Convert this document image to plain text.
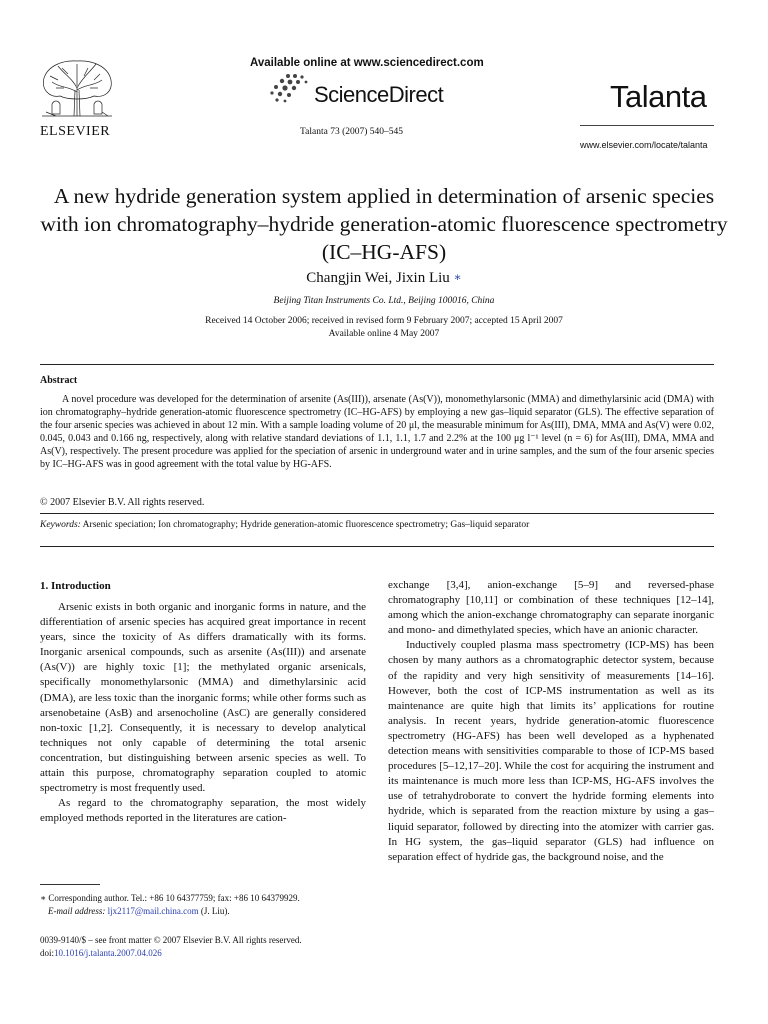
ELSEVIER
Available online at www.sciencedirect.com
ScienceDirect
Talanta 73 (2007) 540–545
Talanta
www.elsevier.com/locate/talanta
A new hydride generation system applied in determination of arsenic species with ion chromatography–hydride generation-atomic fluorescence spectrometry (IC–HG-AFS)
Changjin Wei, Jixin Liu ∗
Beijing Titan Instruments Co. Ltd., Beijing 100016, China
Received 14 October 2006; received in revised form 9 February 2007; accepted 15 April 2007
Available online 4 May 2007
Abstract

A novel procedure was developed for the determination of arsenite (As(III)), arsenate (As(V)), monomethylarsonic (MMA) and dimethylarsinic acid (DMA) with ion chromatography–hydride generation-atomic fluorescence spectrometry (IC–HG-AFS) by employing a new gas–liquid separator (GLS). The effective separation of the four arsenic species was achieved in about 12 min. With a sample loading volume of 20 μl, the measurable minimum for As(III), DMA, MMA and As(V) were 0.02, 0.045, 0.043 and 0.166 ng, respectively, along with relative standard deviations of 1.1, 1.1, 1.7 and 2.2% at the 100 μg l⁻¹ level (n = 6) for As(III), DMA, MMA and As(V), respectively. The present procedure was applied for the speciation of arsenic in underground water and in urine samples, and the sum of the four arsenic species by IC–HG-AFS was in good agreement with the total value by HG-AFS.

© 2007 Elsevier B.V. All rights reserved.
Keywords: Arsenic speciation; Ion chromatography; Hydride generation-atomic fluorescence spectrometry; Gas–liquid separator
1. Introduction

Arsenic exists in both organic and inorganic forms in nature, and the differentiation of arsenic species has acquired great importance in recent years, since the toxicity of As differs dramatically with its forms. Inorganic arsenical compounds, such as arsenite (As(III)) and arsenate (As(V)) are highly toxic [1]; the methylated organic arsenicals, specifically monomethylarsonic (MMA) and dimethylarsinic acid (DMA), are less toxic than the inorganic forms; while other forms such as arsenobetaine (AsB) and arsenocholine (AsC) are generally considered non-toxic [1,2]. Consequently, it is necessary to develop analytical techniques not only capable of determining the total arsenic concentration, but distinguishing between arsenic species as well. To attain this purpose, chromatography separation coupled to atomic spectrometry is most frequently used.

As regard to the chromatography separation, the most widely employed methods reported in the literatures are cation-

exchange [3,4], anion-exchange [5–9] and reversed-phase chromatography [10,11] or combination of these techniques [12–14], among which the anion-exchange chromatography can separate inorganic and mono- and dimethylated species, which have an anionic character.

Inductively coupled plasma mass spectrometry (ICP-MS) has been chosen by many authors as a chromatographic detector system, because of the rapidity and very high sensitivity of measurements [14–16]. However, both the cost of ICP-MS instrumentation as well as its maintenance are quite high that limits its’ applications for routine analysis. In recent years, hydride generation-atomic fluorescence spectrometry (HG-AFS) has been well developed as a hyphenated detection means with sensitivities comparable to those of ICP-MS based procedures [5–12,17–20]. While the cost for acquiring the instrument and its maintenance is much more less than ICP-MS, HG-AFS involves the use of tetrahydroborate to convert the hydride forming elements into hydride, which is separated from the reaction mixture by using a gas–liquid separator, followed by directing into the atomizer with carrier gas. In HG system, the gas–liquid separator (GLS) had influence on separation effect of hydride gas, the background noise, and the

∗ Corresponding author. Tel.: +86 10 64377759; fax: +86 10 64379929.
E-mail address: ljx2117@mail.china.com (J. Liu).
0039-9140/$ – see front matter © 2007 Elsevier B.V. All rights reserved.
doi:10.1016/j.talanta.2007.04.026
